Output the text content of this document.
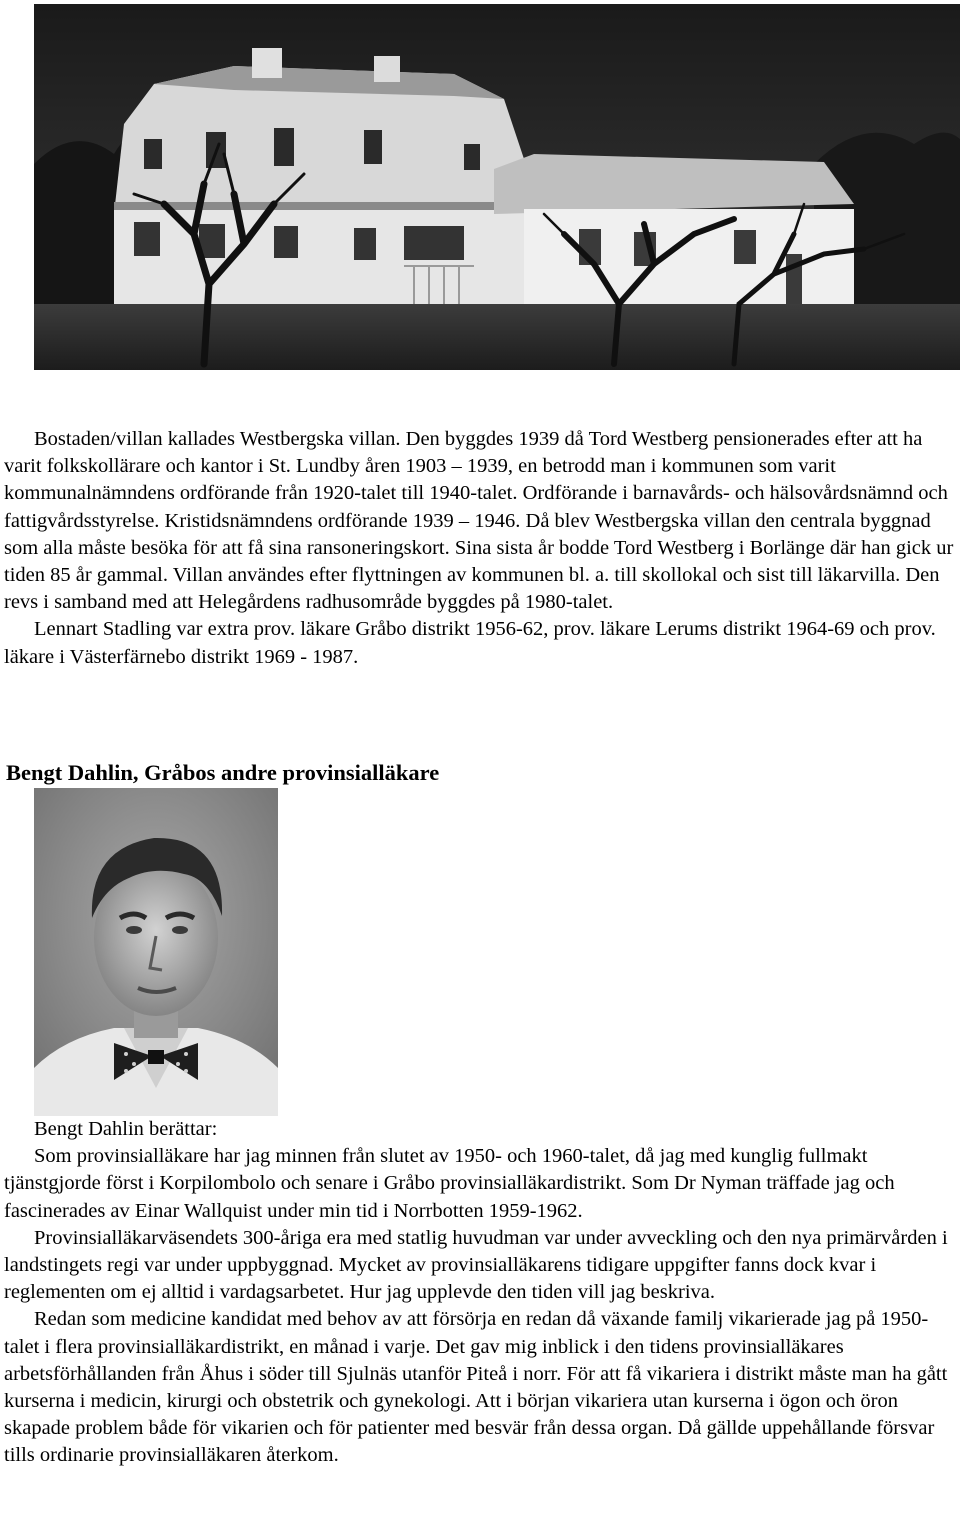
Bostaden/villan kallades Westbergska villan. Den byggdes 1939 då Tord Westberg pensionerades efter att ha varit folkskollärare och kantor i St. Lundby åren 1903 – 1939, en betrodd man i kommunen som varit kommunalnämndens ordförande från 1920-talet till 1940-talet. Ordförande i barnavårds- och hälsovårdsnämnd och fattigvårdsstyrelse. Kristidsnämndens ordförande 1939 – 1946. Då blev Westbergska villan den centrala byggnad som alla måste besöka för att få sina ransoneringskort. Sina sista år bodde Tord Westberg i Borlänge där han gick ur tiden 85 år gammal. Villan användes efter flyttningen av kommunen bl. a. till skollokal och sist till läkarvilla. Den revs i samband med att Helegårdens radhusområde byggdes på 1980-talet.

Lennart Stadling var extra prov. läkare Gråbo distrikt 1956-62, prov. läkare Lerums distrikt 1964-69 och prov. läkare i Västerfärnebo distrikt 1969 - 1987.

Bengt Dahlin, Gråbos andre provinsialläkare

Bengt Dahlin berättar:

Som provinsialläkare har jag minnen från slutet av 1950- och 1960-talet, då jag med kunglig fullmakt tjänstgjorde först i Korpilombolo och senare i Gråbo provinsialläkardistrikt. Som Dr Nyman träffade jag och fascinerades av Einar Wallquist under min tid i Norrbotten 1959-1962.

Provinsialläkarväsendets 300-åriga era med statlig huvudman var under avveckling och den nya primärvården i landstingets regi var under uppbyggnad. Mycket av provinsialläkarens tidigare uppgifter fanns dock kvar i reglementen om ej alltid i vardagsarbetet. Hur jag upplevde den tiden vill jag beskriva.

Redan som medicine kandidat med behov av att försörja en redan då växande familj vikarierade jag på 1950-talet i flera provinsialläkardistrikt, en månad i varje. Det gav mig inblick i den tidens provinsialläkares arbetsförhållanden från Åhus i söder till Sjulnäs utanför Piteå i norr. För att få vikariera i distrikt måste man ha gått kurserna i medicin, kirurgi och obstetrik och gynekologi. Att i början vikariera utan kurserna i ögon och öron skapade problem både för vikarien och för patienter med besvär från dessa organ. Då gällde uppehållande försvar tills ordinarie provinsialläkaren återkom.
